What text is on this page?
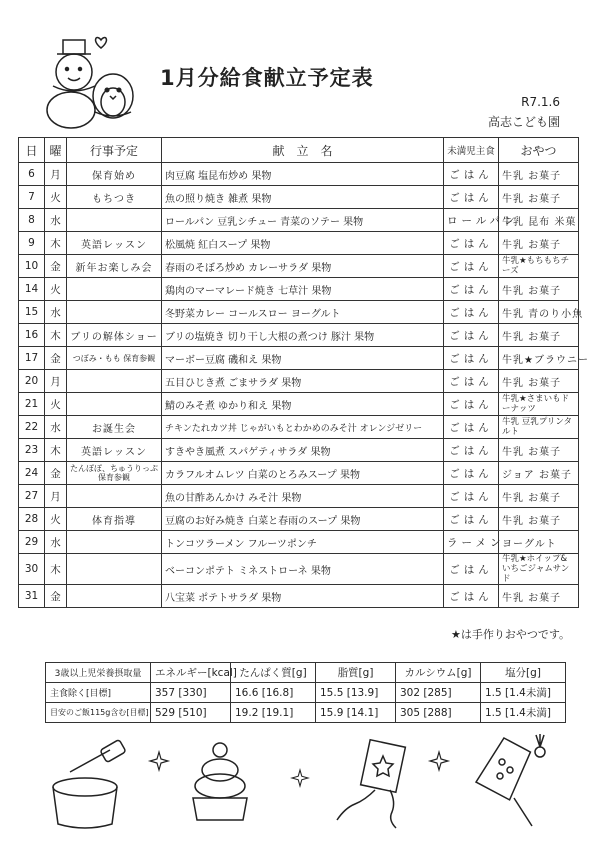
1月分給食献立予定表
R7.1.6
高志こども園
日	曜	行事予定	献　立　名	未満児主食	おやつ
6	月	保育始め	肉豆腐 塩昆布炒め 果物	ごはん	牛乳 お菓子
7	火	もちつき	魚の照り焼き 雑煮 果物	ごはん	牛乳 お菓子
8	水		ロールパン 豆乳シチュー 青菜のソテー 果物	ロールパン	牛乳 昆布 米菓
9	木	英語レッスン	松風焼 紅白スープ 果物	ごはん	牛乳 お菓子
10	金	新年お楽しみ会	春雨のそぼろ炒め カレーサラダ 果物	ごはん	牛乳★もちもちチーズ
14	火		鶏肉のマーマレード焼き 七草汁 果物	ごはん	牛乳 お菓子
15	水		冬野菜カレー コールスロー ヨーグルト	ごはん	牛乳 青のり小魚
16	木	ブリの解体ショー	ブリの塩焼き 切り干し大根の煮つけ 豚汁 果物	ごはん	牛乳 お菓子
17	金	つぼみ・もも 保育参観	マーボー豆腐 磯和え 果物	ごはん	牛乳★ブラウニー
20	月		五目ひじき煮 ごまサラダ 果物	ごはん	牛乳 お菓子
21	火		鯖のみそ煮 ゆかり和え 果物	ごはん	牛乳★さまいもドーナッツ
22	水	お誕生会	チキンたれカツ丼 じゃがいもとわかめのみそ汁 オレンジゼリー	ごはん	牛乳 豆乳プリンタルト
23	木	英語レッスン	すきやき風煮 スパゲティサラダ 果物	ごはん	牛乳 お菓子
24	金	たんぽぽ、ちゅうりっぷ保育参観	カラフルオムレツ 白菜のとろみスープ 果物	ごはん	ジョア お菓子
27	月		魚の甘酢あんかけ みそ汁 果物	ごはん	牛乳 お菓子
28	火	体育指導	豆腐のお好み焼き 白菜と春雨のスープ 果物	ごはん	牛乳 お菓子
29	水		トンコツラーメン フルーツポンチ	ラーメン	ヨーグルト
30	木		ベーコンポテト ミネストローネ 果物	ごはん	牛乳★ホイップ&いちごジャムサンド
31	金		八宝菜 ポテトサラダ 果物	ごはん	牛乳 お菓子
★は手作りおやつです。
3歳以上児栄養摂取量	エネルギー[kcal]	たんぱく質[g]	脂質[g]	カルシウム[g]	塩分[g]
主食除く[目標]	357 [330]	16.6 [16.8]	15.5 [13.9]	302 [285]	1.5 [1.4未満]
目安のご飯115g含む[目標]	529 [510]	19.2 [19.1]	15.9 [14.1]	305 [288]	1.5 [1.4未満]
